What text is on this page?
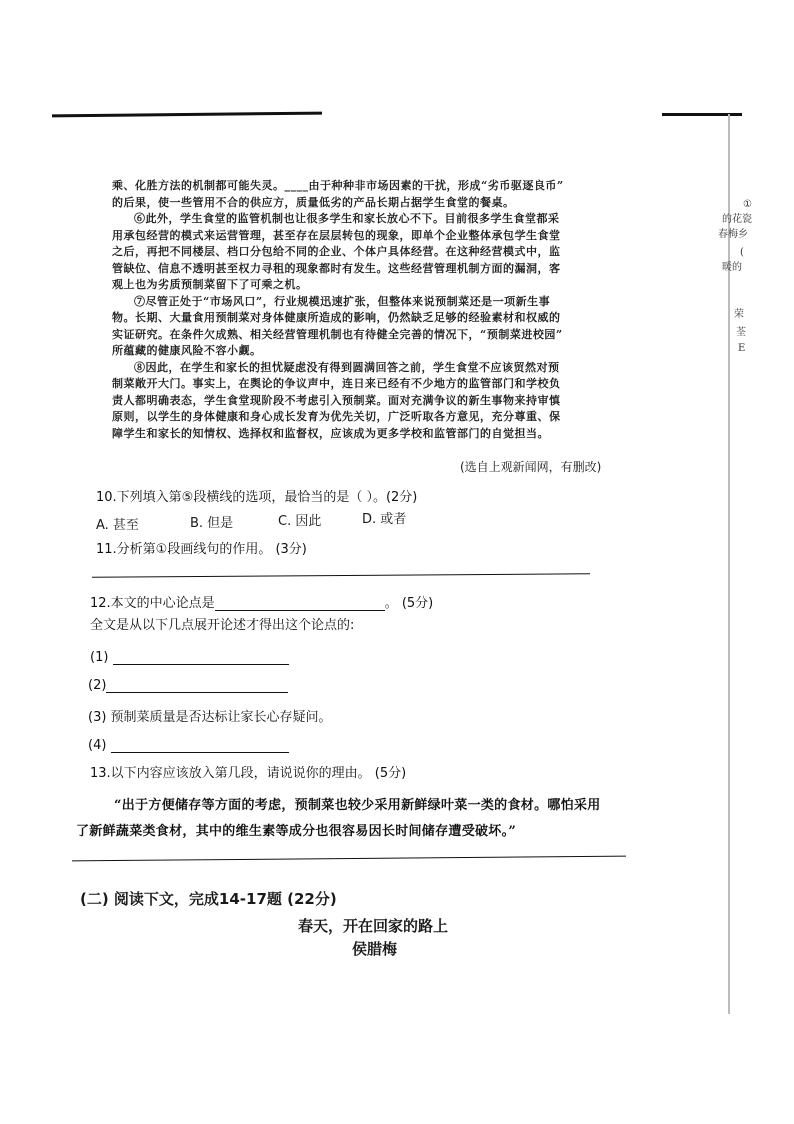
①
的花瓷
春梅乡
(
暖的
荣
荃
E
乘、化胜方法的机制都可能失灵。____由于种种非市场因素的干扰，形成“劣币驱逐良币”
的后果，使一些管用不合的供应方，质量低劣的产品长期占据学生食堂的餐桌。
⑥此外，学生食堂的监管机制也让很多学生和家长放心不下。目前很多学生食堂都采
用承包经营的模式来运营管理，甚至存在层层转包的现象，即单个企业整体承包学生食堂
之后，再把不同楼层、档口分包给不同的企业、个体户具体经营。在这种经营模式中，监
管缺位、信息不透明甚至权力寻租的现象都时有发生。这些经营管理机制方面的漏洞，客
观上也为劣质预制菜留下了可乘之机。
⑦尽管正处于“市场风口”，行业规模迅速扩张，但整体来说预制菜还是一项新生事
物。长期、大量食用预制菜对身体健康所造成的影响，仍然缺乏足够的经验素材和权威的
实证研究。在条件欠成熟、相关经营管理机制也有待健全完善的情况下，“预制菜进校园”
所蕴藏的健康风险不容小觑。
⑧因此，在学生和家长的担忧疑虑没有得到圆满回答之前，学生食堂不应该贸然对预
制菜敞开大门。事实上，在舆论的争议声中，连日来已经有不少地方的监管部门和学校负
责人都明确表态，学生食堂现阶段不考虑引入预制菜。面对充满争议的新生事物来持审慎
原则，以学生的身体健康和身心成长发育为优先关切，广泛听取各方意见，充分尊重、保
障学生和家长的知情权、选择权和监督权，应该成为更多学校和监管部门的自觉担当。
(选自上观新闻网，有删改)
10.下列填入第⑤段横线的选项，最恰当的是（ ）。(2分)
A. 甚至	B. 但是	C. 因此	D. 或者
11.分析第①段画线句的作用。 (3分)
12.本文的中心论点是	。 (5分)
全文是从以下几点展开论述才得出这个论点的:
(1)
(2)
(3) 预制菜质量是否达标让家长心存疑问。
(4)
13.以下内容应该放入第几段，请说说你的理由。 (5分)
“出于方便储存等方面的考虑，预制菜也较少采用新鲜绿叶菜一类的食材。哪怕采用
了新鲜蔬菜类食材，其中的维生素等成分也很容易因长时间储存遭受破坏。”
(二) 阅读下文，完成14-17题 (22分)
春天，开在回家的路上
侯腊梅
